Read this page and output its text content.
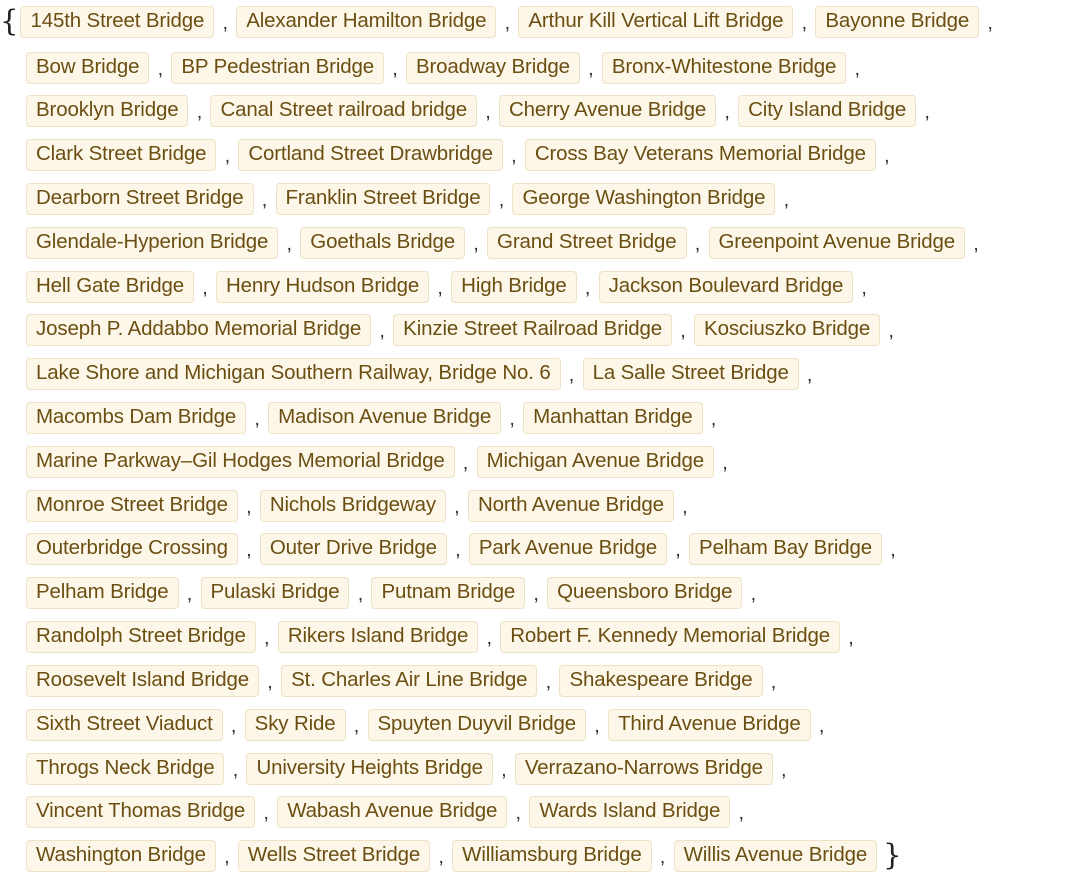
{ 145th Street Bridge , Alexander Hamilton Bridge , Arthur Kill Vertical Lift Bridge , Bayonne Bridge ,
Bow Bridge , BP Pedestrian Bridge , Broadway Bridge , Bronx-Whitestone Bridge ,
Brooklyn Bridge , Canal Street railroad bridge , Cherry Avenue Bridge , City Island Bridge ,
Clark Street Bridge , Cortland Street Drawbridge , Cross Bay Veterans Memorial Bridge ,
Dearborn Street Bridge , Franklin Street Bridge , George Washington Bridge ,
Glendale-Hyperion Bridge , Goethals Bridge , Grand Street Bridge , Greenpoint Avenue Bridge ,
Hell Gate Bridge , Henry Hudson Bridge , High Bridge , Jackson Boulevard Bridge ,
Joseph P. Addabbo Memorial Bridge , Kinzie Street Railroad Bridge , Kosciuszko Bridge ,
Lake Shore and Michigan Southern Railway, Bridge No. 6 , La Salle Street Bridge ,
Macombs Dam Bridge , Madison Avenue Bridge , Manhattan Bridge ,
Marine Parkway–Gil Hodges Memorial Bridge , Michigan Avenue Bridge ,
Monroe Street Bridge , Nichols Bridgeway , North Avenue Bridge ,
Outerbridge Crossing , Outer Drive Bridge , Park Avenue Bridge , Pelham Bay Bridge ,
Pelham Bridge , Pulaski Bridge , Putnam Bridge , Queensboro Bridge ,
Randolph Street Bridge , Rikers Island Bridge , Robert F. Kennedy Memorial Bridge ,
Roosevelt Island Bridge , St. Charles Air Line Bridge , Shakespeare Bridge ,
Sixth Street Viaduct , Sky Ride , Spuyten Duyvil Bridge , Third Avenue Bridge ,
Throgs Neck Bridge , University Heights Bridge , Verrazano-Narrows Bridge ,
Vincent Thomas Bridge , Wabash Avenue Bridge , Wards Island Bridge ,
Washington Bridge , Wells Street Bridge , Williamsburg Bridge , Willis Avenue Bridge }
